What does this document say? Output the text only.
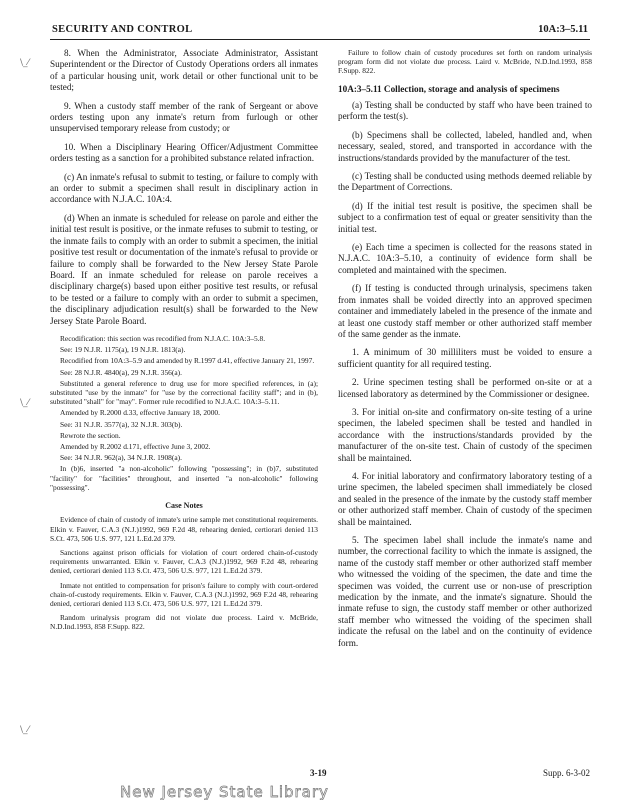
SECURITY AND CONTROL	10A:3–5.11
\_⁄
\_⁄
\_⁄

8. When the Administrator, Associate Administrator, Assistant Superintendent or the Director of Custody Operations orders all inmates of a particular housing unit, work detail or other functional unit to be tested;

9. When a custody staff member of the rank of Sergeant or above orders testing upon any inmate's return from furlough or other unsupervised temporary release from custody; or

10. When a Disciplinary Hearing Officer/Adjustment Committee orders testing as a sanction for a prohibited substance related infraction.

(c) An inmate's refusal to submit to testing, or failure to comply with an order to submit a specimen shall result in disciplinary action in accordance with N.J.A.C. 10A:4.

(d) When an inmate is scheduled for release on parole and either the initial test result is positive, or the inmate refuses to submit to testing, or the inmate fails to comply with an order to submit a specimen, the initial positive test result or documentation of the inmate's refusal to provide or failure to comply shall be forwarded to the New Jersey State Parole Board. If an inmate scheduled for release on parole receives a disciplinary charge(s) based upon either positive test results, or refusal to be tested or a failure to comply with an order to submit a specimen, the disciplinary adjudication result(s) shall be forwarded to the New Jersey State Parole Board.

Recodification: this section was recodified from N.J.A.C. 10A:3–5.8.

See: 19 N.J.R. 1175(a), 19 N.J.R. 1813(a).

Recodified from 10A:3–5.9 and amended by R.1997 d.41, effective January 21, 1997.

See: 28 N.J.R. 4840(a), 29 N.J.R. 356(a).

Substituted a general reference to drug use for more specified references, in (a); substituted "use by the inmate" for "use by the correctional facility staff"; and in (b), substituted "shall" for "may". Former rule recodified to N.J.A.C. 10A:3–5.11.

Amended by R.2000 d.33, effective January 18, 2000.

See: 31 N.J.R. 3577(a), 32 N.J.R. 303(b).

Rewrote the section.

Amended by R.2002 d.171, effective June 3, 2002.

See: 34 N.J.R. 962(a), 34 N.J.R. 1908(a).

In (b)6, inserted "a non-alcoholic" following "possessing"; in (b)7, substituted "facility" for "facilities" throughout, and inserted "a non-alcoholic" following "possessing".

Case Notes

Evidence of chain of custody of inmate's urine sample met constitutional requirements. Elkin v. Fauver, C.A.3 (N.J.)1992, 969 F.2d 48, rehearing denied, certiorari denied 113 S.Ct. 473, 506 U.S. 977, 121 L.Ed.2d 379.

Sanctions against prison officials for violation of court ordered chain-of-custody requirements unwarranted. Elkin v. Fauver, C.A.3 (N.J.)1992, 969 F.2d 48, rehearing denied, certiorari denied 113 S.Ct. 473, 506 U.S. 977, 121 L.Ed.2d 379.

Inmate not entitled to compensation for prison's failure to comply with court-ordered chain-of-custody requirements. Elkin v. Fauver, C.A.3 (N.J.)1992, 969 F.2d 48, rehearing denied, certiorari denied 113 S.Ct. 473, 506 U.S. 977, 121 L.Ed.2d 379.

Random urinalysis program did not violate due process. Laird v. McBride, N.D.Ind.1993, 858 F.Supp. 822.

Failure to follow chain of custody procedures set forth on random urinalysis program form did not violate due process. Laird v. McBride, N.D.Ind.1993, 858 F.Supp. 822.

10A:3–5.11 Collection, storage and analysis of specimens

(a) Testing shall be conducted by staff who have been trained to perform the test(s).

(b) Specimens shall be collected, labeled, handled and, when necessary, sealed, stored, and transported in accordance with the instructions/standards provided by the manufacturer of the test.

(c) Testing shall be conducted using methods deemed reliable by the Department of Corrections.

(d) If the initial test result is positive, the specimen shall be subject to a confirmation test of equal or greater sensitivity than the initial test.

(e) Each time a specimen is collected for the reasons stated in N.J.A.C. 10A:3–5.10, a continuity of evidence form shall be completed and maintained with the specimen.

(f) If testing is conducted through urinalysis, specimens taken from inmates shall be voided directly into an approved specimen container and immediately labeled in the presence of the inmate and at least one custody staff member or other authorized staff member of the same gender as the inmate.

1. A minimum of 30 milliliters must be voided to ensure a sufficient quantity for all required testing.

2. Urine specimen testing shall be performed on-site or at a licensed laboratory as determined by the Commissioner or designee.

3. For initial on-site and confirmatory on-site testing of a urine specimen, the labeled specimen shall be tested and handled in accordance with the instructions/standards provided by the manufacturer of the on-site test. Chain of custody of the specimen shall be maintained.

4. For initial laboratory and confirmatory laboratory testing of a urine specimen, the labeled specimen shall immediately be closed and sealed in the presence of the inmate by the custody staff member or other authorized staff member. Chain of custody of the specimen shall be maintained.

5. The specimen label shall include the inmate's name and number, the correctional facility to which the inmate is assigned, the name of the custody staff member or other authorized staff member who witnessed the voiding of the specimen, the date and time the specimen was voided, the current use or non-use of prescription medication by the inmate, and the inmate's signature. Should the inmate refuse to sign, the custody staff member or other authorized staff member who witnessed the voiding of the specimen shall indicate the refusal on the label and on the continuity of evidence form.

3-19	Supp. 6-3-02
New Jersey State Library
